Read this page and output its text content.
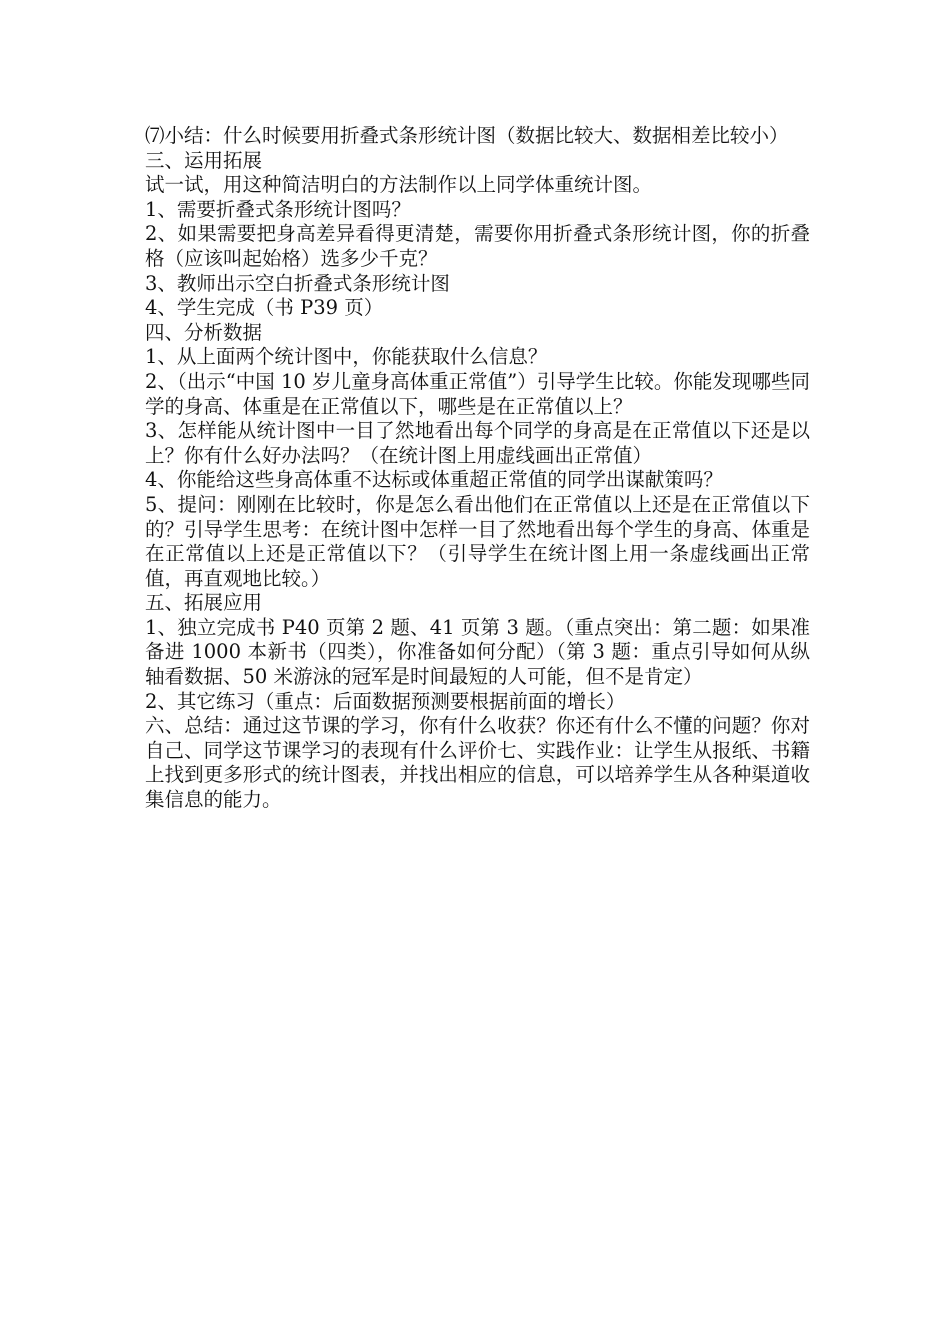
⑺小结：什么时候要用折叠式条形统计图（数据比较大、数据相差比较小）

三、运用拓展

试一试，用这种简洁明白的方法制作以上同学体重统计图。

1、需要折叠式条形统计图吗？

2、如果需要把身高差异看得更清楚，需要你用折叠式条形统计图，你的折叠格（应该叫起始格）选多少千克？

3、教师出示空白折叠式条形统计图

4、学生完成（书 P39 页）

四、分析数据

1、从上面两个统计图中，你能获取什么信息？

2、（出示“中国 10 岁儿童身高体重正常值”）引导学生比较。你能发现哪些同学的身高、体重是在正常值以下，哪些是在正常值以上？

3、怎样能从统计图中一目了然地看出每个同学的身高是在正常值以下还是以上？你有什么好办法吗？（在统计图上用虚线画出正常值）

4、你能给这些身高体重不达标或体重超正常值的同学出谋献策吗？

5、提问：刚刚在比较时，你是怎么看出他们在正常值以上还是在正常值以下的？引导学生思考：在统计图中怎样一目了然地看出每个学生的身高、体重是在正常值以上还是正常值以下？（引导学生在统计图上用一条虚线画出正常值，再直观地比较。）

五、拓展应用

1、独立完成书 P40 页第 2 题、41 页第 3 题。（重点突出：第二题：如果准备进 1000 本新书（四类），你准备如何分配）（第 3 题：重点引导如何从纵轴看数据、50 米游泳的冠军是时间最短的人可能，但不是肯定）

2、其它练习（重点：后面数据预测要根据前面的增长）

六、总结：通过这节课的学习，你有什么收获？你还有什么不懂的问题？你对自己、同学这节课学习的表现有什么评价七、实践作业：让学生从报纸、书籍上找到更多形式的统计图表，并找出相应的信息，可以培养学生从各种渠道收集信息的能力。
